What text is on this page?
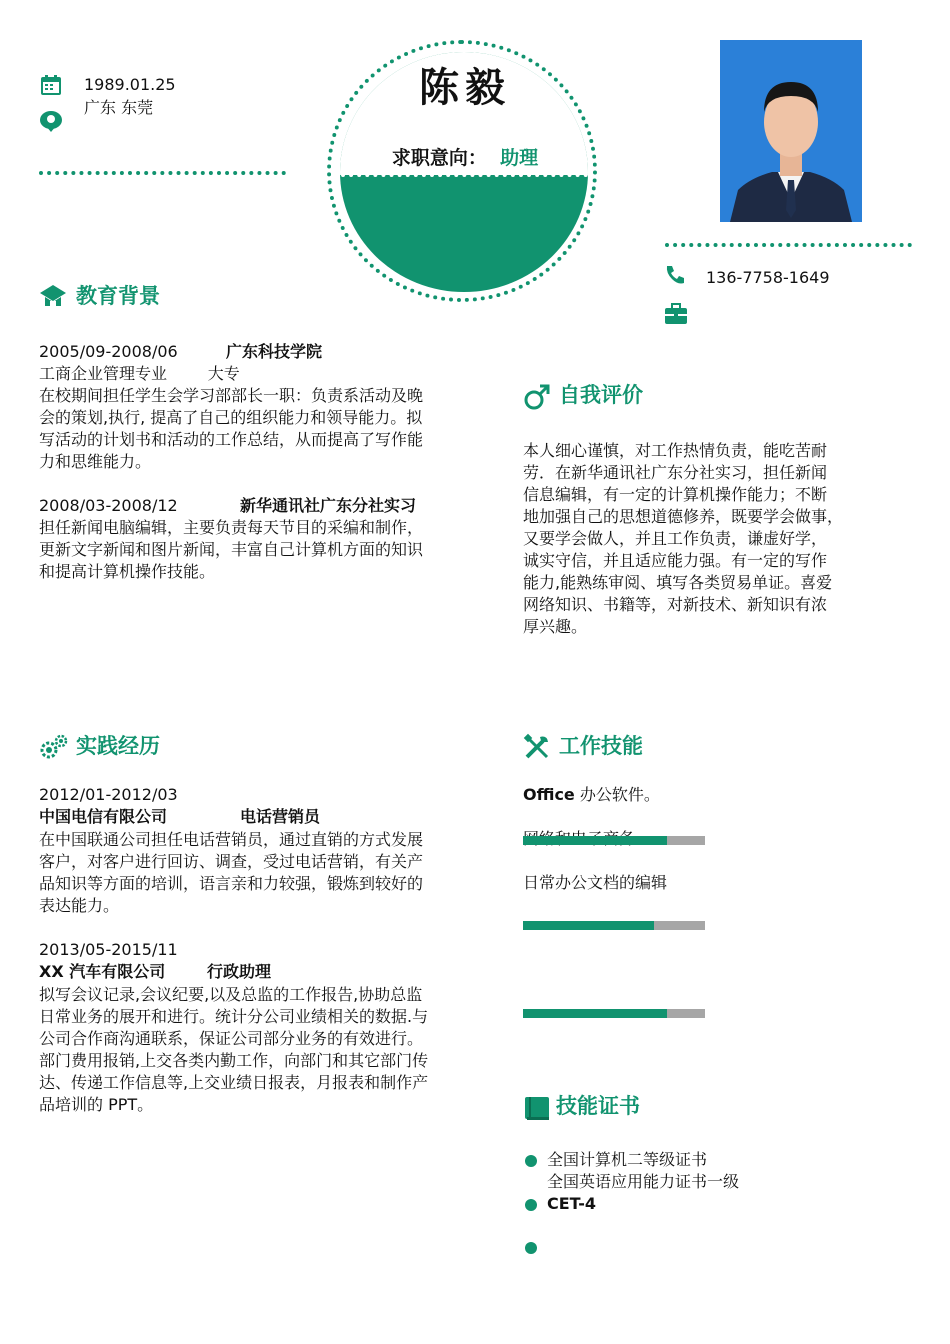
1989.01.25
广东 东莞	陈毅
求职意向： 助理
136-7758-1649
教育背景
2005/09-2008/06	广东科技学院
工商企业管理专业        大专
在校期间担任学生会学习部部长一职：负责系活动及晚
会的策划,执行, 提高了自己的组织能力和领导能力。拟
写活动的计划书和活动的工作总结，从而提高了写作能
力和思维能力。
2008/03-2008/12	新华通讯社广东分社实习
担任新闻电脑编辑，主要负责每天节目的采编和制作，
更新文字新闻和图片新闻，丰富自己计算机方面的知识
和提高计算机操作技能。
自我评价
本人细心谨慎，对工作热情负责，能吃苦耐
劳．在新华通讯社广东分社实习，担任新闻
信息编辑，有一定的计算机操作能力；不断
地加强自己的思想道德修养，既要学会做事，
又要学会做人，并且工作负责，谦虚好学，
诚实守信，并且适应能力强。有一定的写作
能力,能熟练审阅、填写各类贸易单证。喜爱
网络知识、书籍等，对新技术、新知识有浓
厚兴趣。
实践经历
2012/01-2012/03
中国电信有限公司	电话营销员
在中国联通公司担任电话营销员，通过直销的方式发展
客户，对客户进行回访、调查，受过电话营销，有关产
品知识等方面的培训，语言亲和力较强，锻炼到较好的
表达能力。
2013/05-2015/11
XX 汽车有限公司	行政助理
拟写会议记录,会议纪要,以及总监的工作报告,协助总监
日常业务的展开和进行。统计分公司业绩相关的数据.与
公司合作商沟通联系，保证公司部分业务的有效进行。
部门费用报销,上交各类内勤工作，向部门和其它部门传
达、传递工作信息等,上交业绩日报表，月报表和制作产
品培训的 PPT。
工作技能
Office 办公软件。
日常办公文档的编辑
技能证书
全国计算机二等级证书
全国英语应用能力证书一级
CET-4
